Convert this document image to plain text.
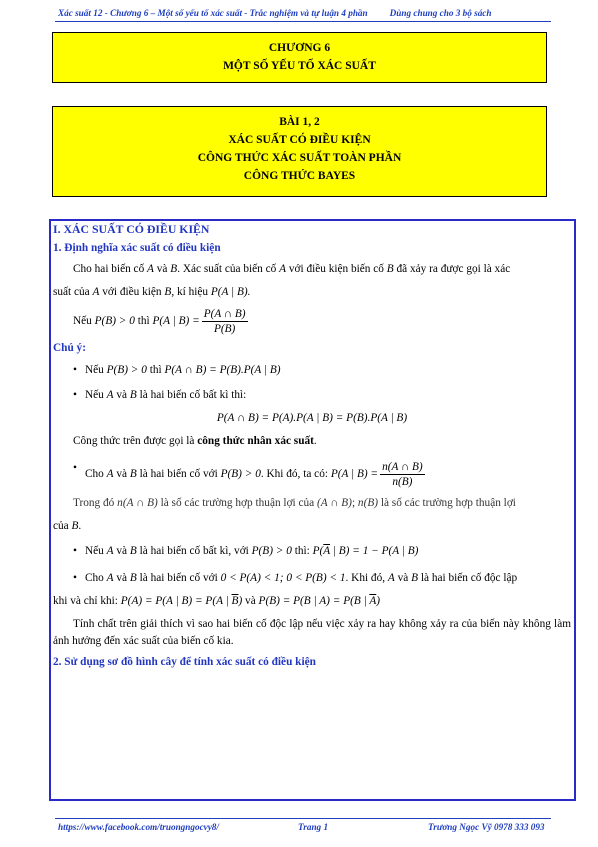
Xác suất 12 - Chương 6 – Một số yếu tố xác suất - Trắc nghiệm và tự luận 4 phần Dùng chung cho 3 bộ sách
CHƯƠNG 6
MỘT SỐ YẾU TỐ XÁC SUẤT
BÀI 1, 2
XÁC SUẤT CÓ ĐIỀU KIỆN
CÔNG THỨC XÁC SUẤT TOÀN PHẦN
CÔNG THỨC BAYES

I. XÁC SUẤT CÓ ĐIỀU KIỆN

1. Định nghĩa xác suất có điều kiện

Cho hai biến cố A và B. Xác suất của biến cố A với điều kiện biến cố B đã xảy ra được gọi là xác

suất của A với điều kiện B, kí hiệu P(A | B).

Nếu P(B) > 0 thì P(A | $B) = \frac{P(A \cap B)}{P(B)}$

Chú ý:

• Nếu P(B) > 0 thì P(A ∩ B) = P(B).P(A | B)

• Nếu A và B là hai biến cố bất kì thì:

P(A ∩ B) = P(A).P(A | B) = P(B).P(A | B)

Công thức trên được gọi là công thức nhân xác suất.

• Cho A và B là hai biến cố với P(B) > 0. Khi đó, ta có: P(A | $B) = \frac{n(A \cap B)}{n(B)}$

Trong đó n(A ∩ B) là số các trường hợp thuận lợi của (A ∩ B); n(B) là số các trường hợp thuận lợi

của B.

• Nếu A và B là hai biến cố bất kì, với P(B) > 0 thì: $P(\overline{A}$ | B) = 1 − P(A | B)

• Cho A và B là hai biến cố với 0 < P(A) < 1; 0 < P(B) < 1. Khi đó, A và B là hai biến cố độc lập

khi và chỉ khi: P(A) = P(A | B) = P(A | $\overline{B}$) và P(B) = P(B | A) = P(B | $\overline{A}$)

Tính chất trên giải thích vì sao hai biến cố độc lập nếu việc xảy ra hay không xảy ra của biến này không làm ảnh hưởng đến xác suất của biến cố kia.

2. Sử dụng sơ đồ hình cây để tính xác suất có điều kiện

https://www.facebook.com/truongngocvy8/	Trang 1	Trương Ngọc Vỹ 0978 333 093
